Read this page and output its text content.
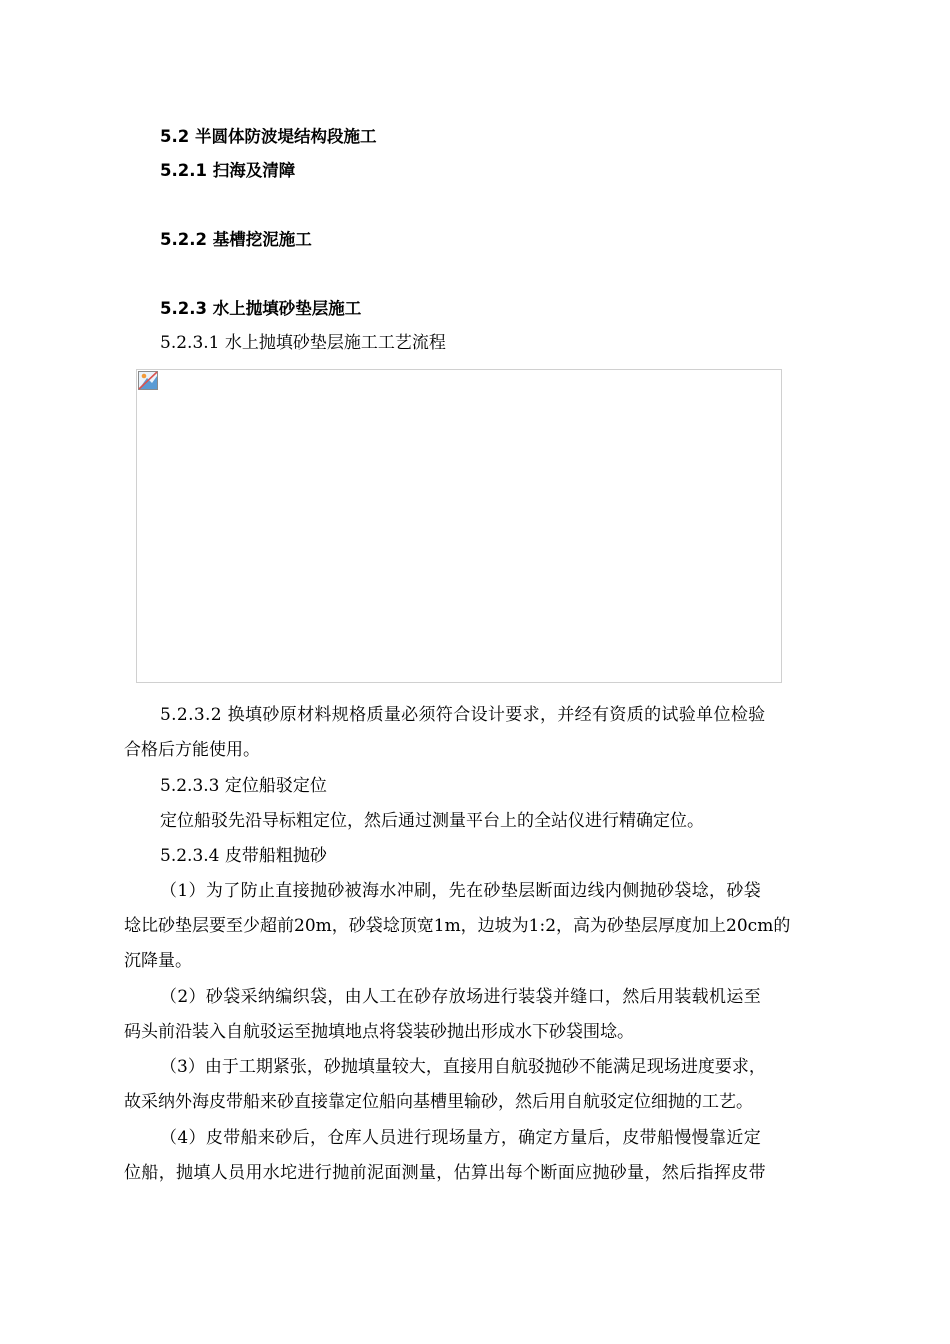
5.2 半圆体防波堤结构段施工
5.2.1 扫海及清障
5.2.2 基槽挖泥施工
5.2.3 水上抛填砂垫层施工
5.2.3.1 水上抛填砂垫层施工工艺流程
5.2.3.2 换填砂原材料规格质量必须符合设计要求，并经有资质的试验单位检验
合格后方能使用。
5.2.3.3 定位船驳定位
定位船驳先沿导标粗定位，然后通过测量平台上的全站仪进行精确定位。
5.2.3.4 皮带船粗抛砂
（1）为了防止直接抛砂被海水冲刷，先在砂垫层断面边线内侧抛砂袋埝，砂袋
埝比砂垫层要至少超前20m，砂袋埝顶宽1m，边坡为1:2，高为砂垫层厚度加上20cm的
沉降量。
（2）砂袋采纳编织袋，由人工在砂存放场进行装袋并缝口，然后用装载机运至
码头前沿装入自航驳运至抛填地点将袋装砂抛出形成水下砂袋围埝。
（3）由于工期紧张，砂抛填量较大，直接用自航驳抛砂不能满足现场进度要求，
故采纳外海皮带船来砂直接靠定位船向基槽里输砂，然后用自航驳定位细抛的工艺。
（4）皮带船来砂后，仓库人员进行现场量方，确定方量后，皮带船慢慢靠近定
位船，抛填人员用水坨进行抛前泥面测量，估算出每个断面应抛砂量，然后指挥皮带
